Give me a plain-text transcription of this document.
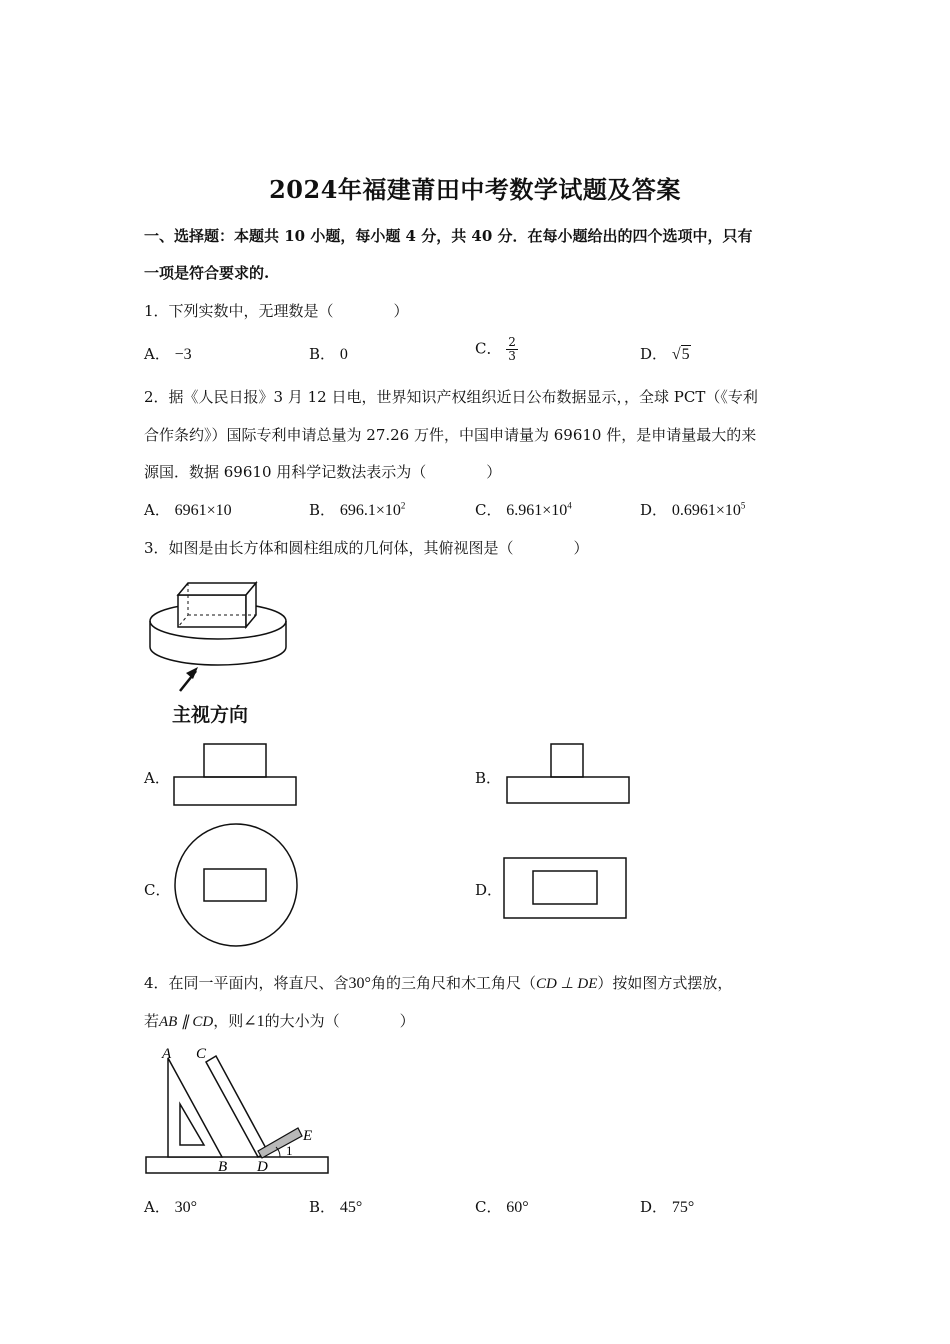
2024年福建莆田中考数学试题及答案
一、选择题：本题共 10 小题，每小题 4 分，共 40 分．在每小题给出的四个选项中，只有
一项是符合要求的.
1．下列实数中，无理数是（　　　　）
A． −3	B． 0	C． $\frac{2}{3}$	D． √5
2．据《人民日报》3 月 12 日电，世界知识产权组织近日公布数据显示，，全球 PCT（《专利
合作条约》）国际专利申请总量为 27.26 万件，中国申请量为 69610 件，是申请量最大的来
源国．数据 69610 用科学记数法表示为（　　　　）
A． 6961×10	B． $696.1\times 10^2$	C． $6.961\times 10^4$	D． $0.6961\times 10^5$
3．如图是由长方体和圆柱组成的几何体，其俯视图是（　　　　）
主视方向
A．	B．
C．	D．
4．在同一平面内，将直尺、含30°角的三角尺和木工角尺（CD ⊥ DE）按如图方式摆放，
若AB ∥ CD，则∠1的大小为（　　　　）
A C
B D
E
1
A． 30°	B． 45°	C． 60°	D． 75°
